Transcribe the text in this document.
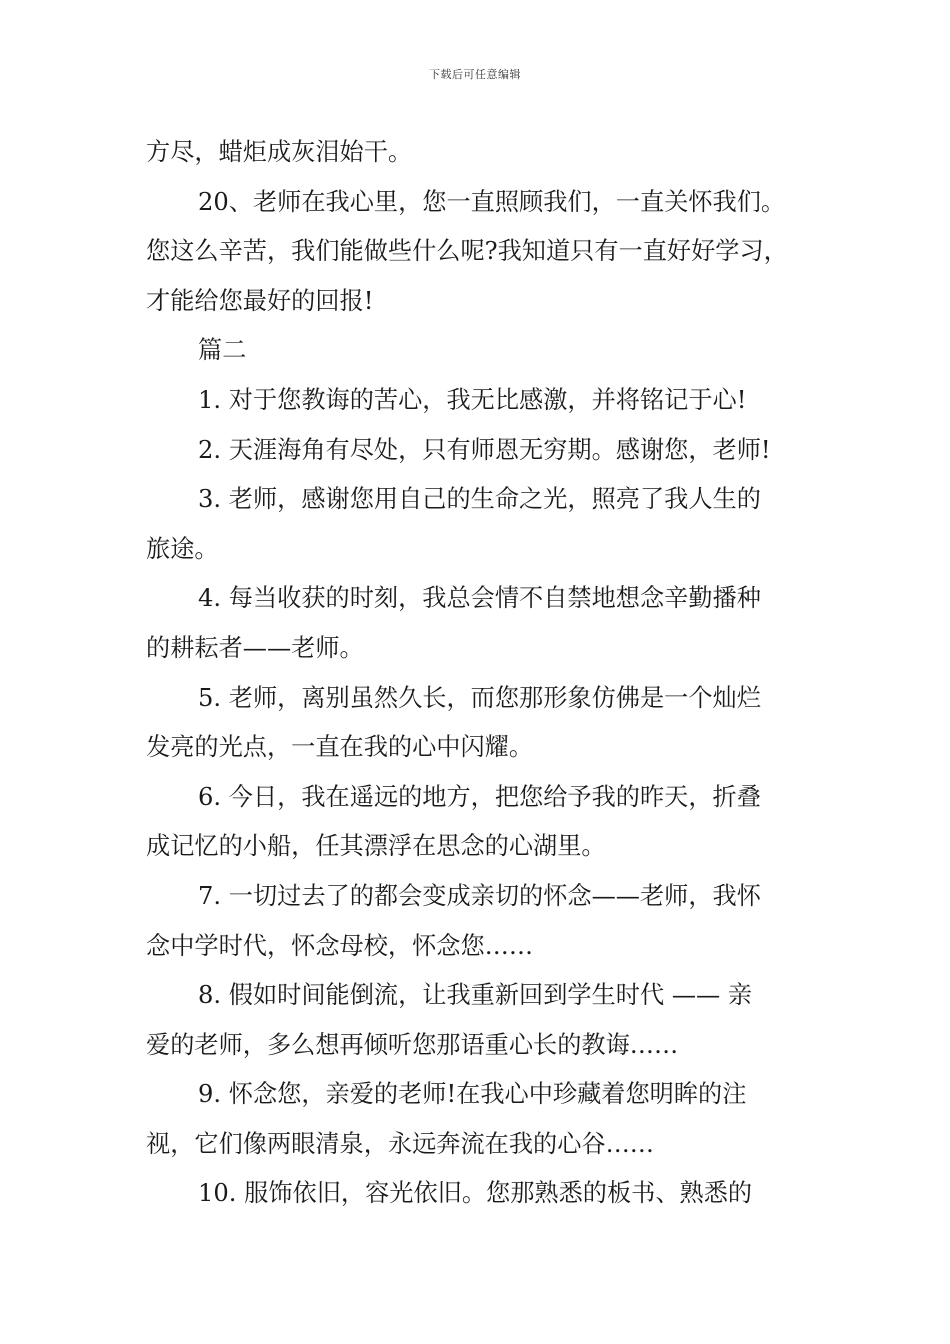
下载后可任意编辑
方尽，蜡炬成灰泪始干。
20、老师在我心里，您一直照顾我们，一直关怀我们。
您这么辛苦，我们能做些什么呢?我知道只有一直好好学习，
才能给您最好的回报!
篇二
1. 对于您教诲的苦心，我无比感激，并将铭记于心!
2. 天涯海角有尽处，只有师恩无穷期。感谢您，老师!
3. 老师，感谢您用自己的生命之光，照亮了我人生的
旅途。
4. 每当收获的时刻，我总会情不自禁地想念辛勤播种
的耕耘者——老师。
5. 老师，离别虽然久长，而您那形象仿佛是一个灿烂
发亮的光点，一直在我的心中闪耀。
6. 今日，我在遥远的地方，把您给予我的昨天，折叠
成记忆的小船，任其漂浮在思念的心湖里。
7. 一切过去了的都会变成亲切的怀念——老师，我怀
念中学时代，怀念母校，怀念您……
8. 假如时间能倒流，让我重新回到学生时代 —— 亲
爱的老师，多么想再倾听您那语重心长的教诲……
9. 怀念您，亲爱的老师!在我心中珍藏着您明眸的注
视，它们像两眼清泉，永远奔流在我的心谷……
10. 服饰依旧，容光依旧。您那熟悉的板书、熟悉的
